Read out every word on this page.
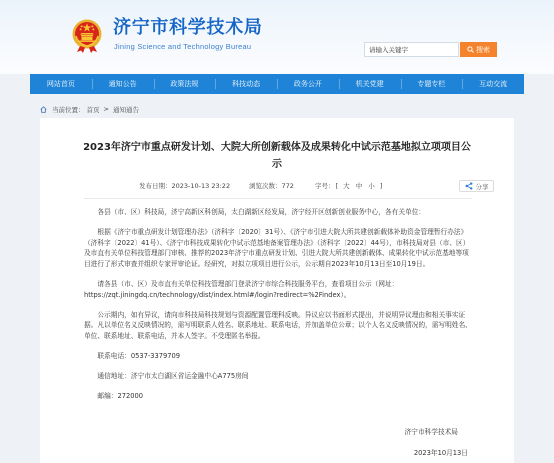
济宁市科学技术局
Jining Science and Technology Bureau
请输入关键字	搜索
网站首页	通知公告	政策法规	科技动态	政务公开	机关党建	专题专栏	互动交流
当前位置： 首页 > 通知通告
2023年济宁市重点研发计划、大院大所创新载体及成果转化中试示范基地拟立项项目公示
发布日期：2023-10-13 23:22	浏览次数：772	字号：[ 大 中 小 ]	分享

各县（市、区）科技局，济宁高新区科创局，太白湖新区经发局，济宁经开区创新创业服务中心，各有关单位：

根据《济宁市重点研发计划管理办法》（济科字〔2020〕31号）、《济宁市引进大院大所共建创新载体补助资金管理暂行办法》（济科字〔2022〕41号）、《济宁市科技成果转化中试示范基地备案管理办法》（济科字〔2022〕44号），市科技局对县（市、区）及市直有关单位科技管理部门审核、推荐的2023年济宁市重点研发计划、引进大院大所共建创新载体、成果转化中试示范基地等项目进行了形式审查并组织专家评审论证。经研究，对拟立项项目进行公示，公示期自2023年10月13日至10月19日。

请各县（市、区）及市直有关单位科技管理部门登录济宁市综合科技服务平台，查看项目公示（网址：https://zqt.jiningdq.cn/technology/dist/index.html#/login?redirect=%2Findex）。

公示期内，如有异议，请向市科技局科技规划与资源配置管理科反映。异议应以书面形式提出，并说明异议理由和相关事实证据。凡以单位名义反映情况的，需写明联系人姓名、联系地址、联系电话，并加盖单位公章；以个人名义反映情况的，需写明姓名、单位、联系地址、联系电话，并本人签字。不受理匿名举报。

联系电话：0537-3379709

通信地址：济宁市太白湖区省运金融中心A775房间

邮编：272000

济宁市科学技术局
2023年10月13日
